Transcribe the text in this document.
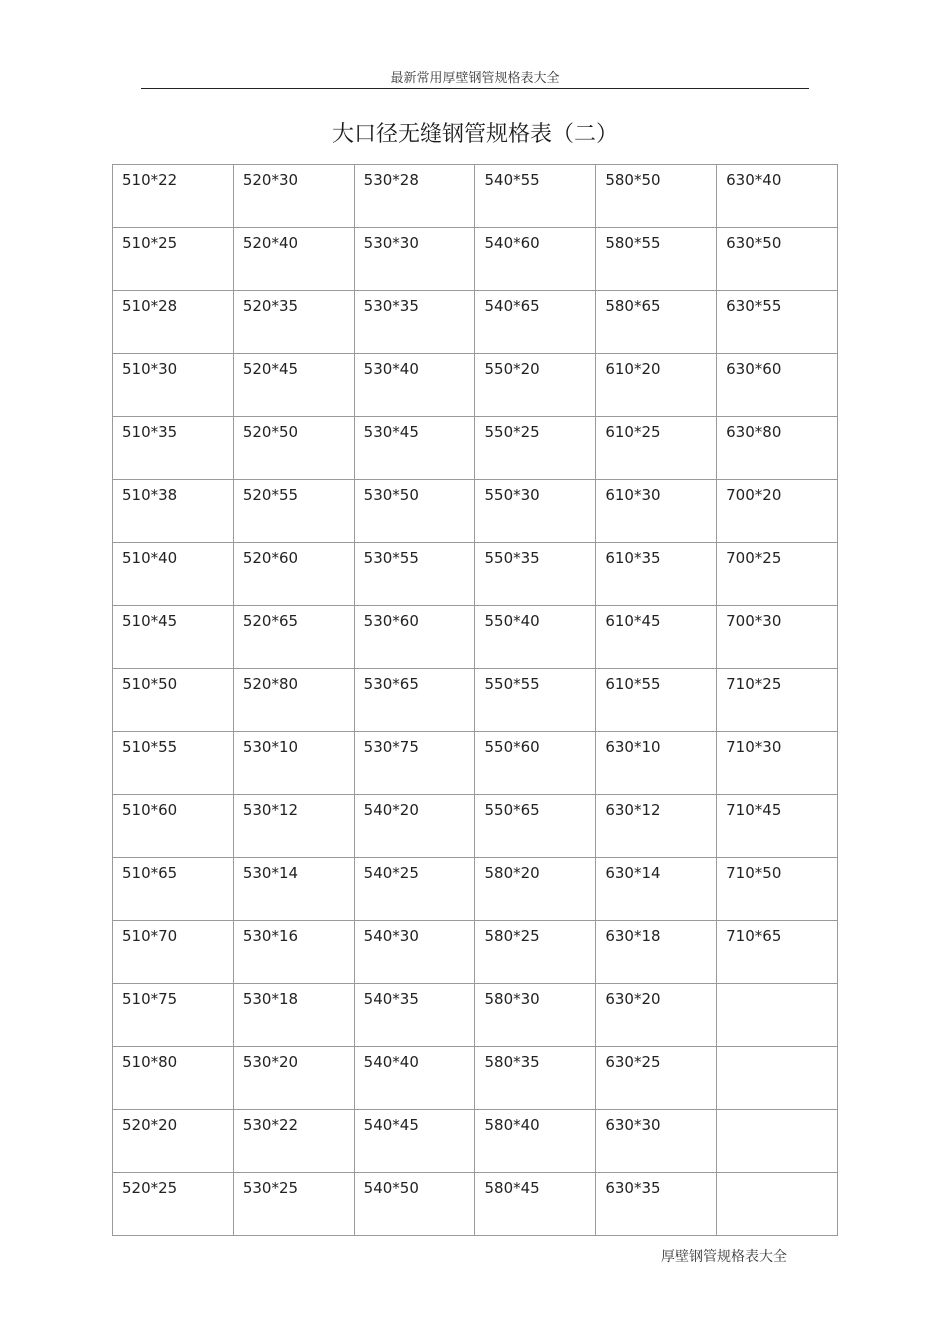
最新常用厚壁钢管规格表大全
大口径无缝钢管规格表（二）
510*22	520*30	530*28	540*55	580*50	630*40
510*25	520*40	530*30	540*60	580*55	630*50
510*28	520*35	530*35	540*65	580*65	630*55
510*30	520*45	530*40	550*20	610*20	630*60
510*35	520*50	530*45	550*25	610*25	630*80
510*38	520*55	530*50	550*30	610*30	700*20
510*40	520*60	530*55	550*35	610*35	700*25
510*45	520*65	530*60	550*40	610*45	700*30
510*50	520*80	530*65	550*55	610*55	710*25
510*55	530*10	530*75	550*60	630*10	710*30
510*60	530*12	540*20	550*65	630*12	710*45
510*65	530*14	540*25	580*20	630*14	710*50
510*70	530*16	540*30	580*25	630*18	710*65
510*75	530*18	540*35	580*30	630*20	
510*80	530*20	540*40	580*35	630*25	
520*20	530*22	540*45	580*40	630*30	
520*25	530*25	540*50	580*45	630*35	
厚壁钢管规格表大全
